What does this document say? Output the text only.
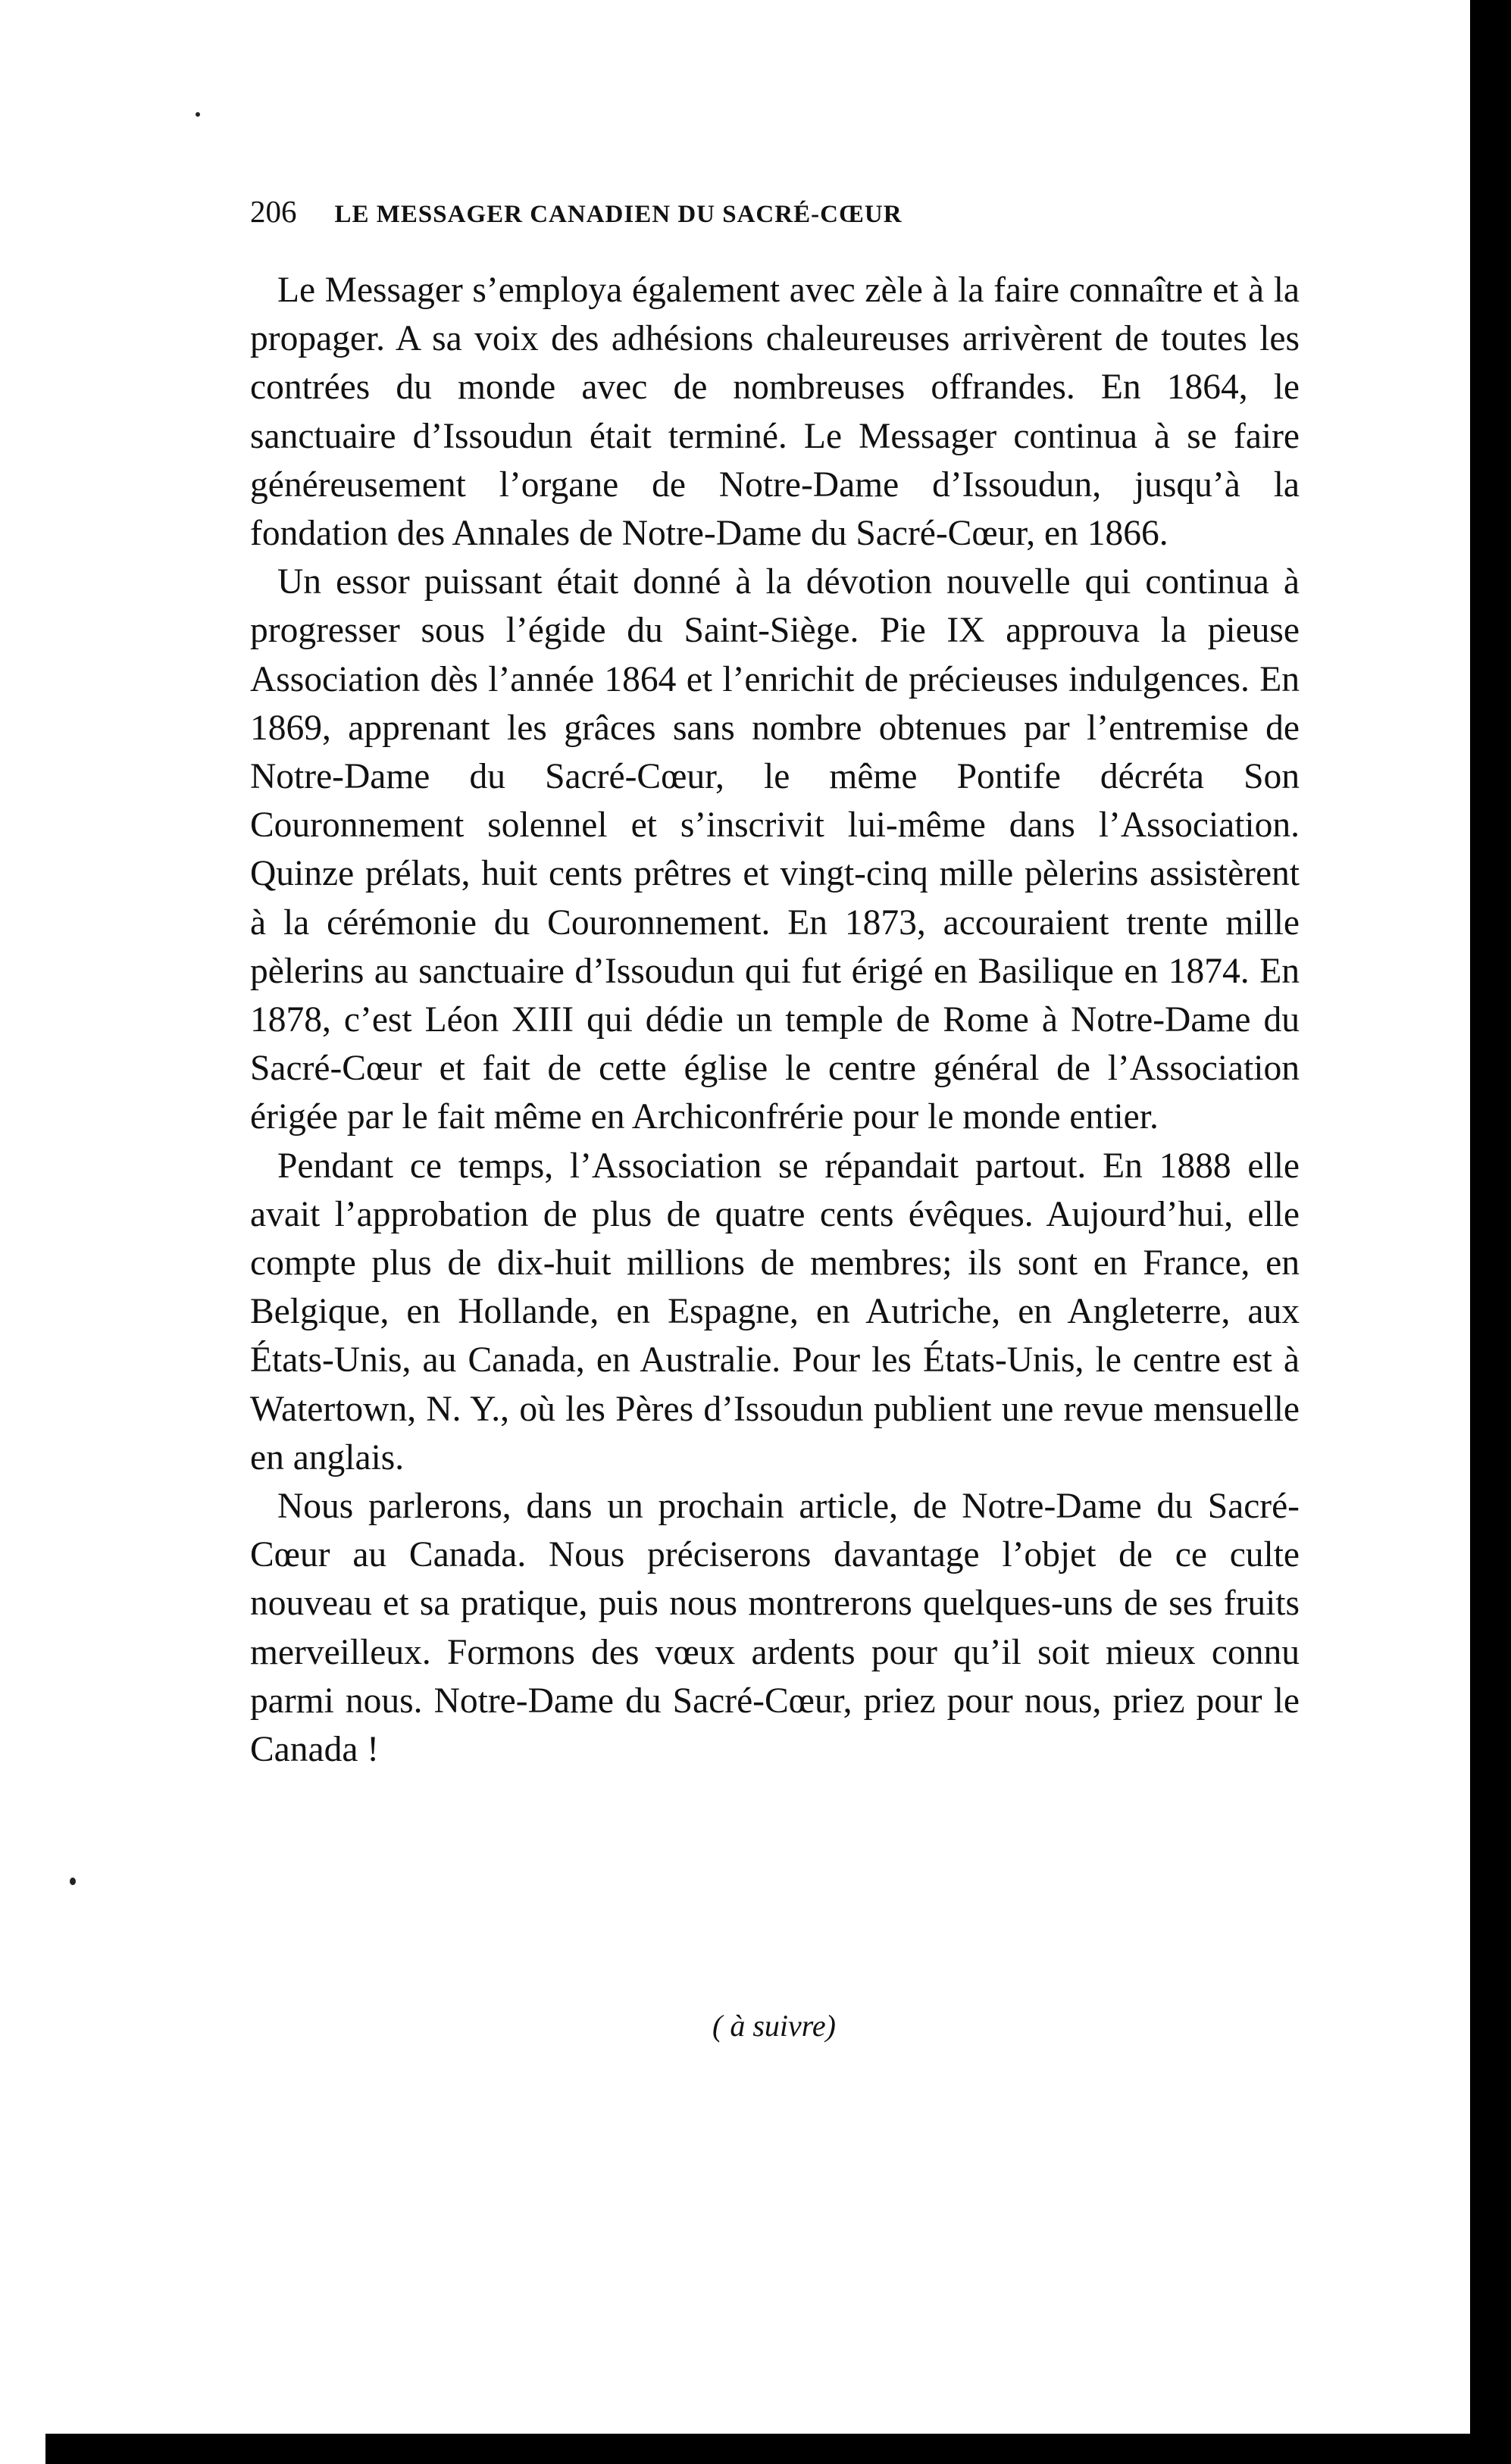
206 LE MESSAGER CANADIEN DU SACRÉ-CŒUR

Le Messager s’employa également avec zèle à la faire connaître et à la propager. A sa voix des adhésions chaleureuses arrivèrent de toutes les contrées du monde avec de nombreuses offrandes. En 1864, le sanctuaire d’Issoudun était terminé. Le Messager continua à se faire généreusement l’organe de Notre-Dame d’Issoudun, jusqu’à la fondation des Annales de Notre-Dame du Sacré-Cœur, en 1866.

Un essor puissant était donné à la dévotion nouvelle qui continua à progresser sous l’égide du Saint-Siège. Pie IX approuva la pieuse Association dès l’année 1864 et l’enrichit de précieuses indulgences. En 1869, apprenant les grâces sans nombre obtenues par l’entremise de Notre-Dame du Sacré-Cœur, le même Pontife décréta Son Couronnement solennel et s’inscrivit lui-même dans l’Association. Quinze prélats, huit cents prêtres et vingt-cinq mille pèlerins assistèrent à la cérémonie du Couronnement. En 1873, accouraient trente mille pèlerins au sanctuaire d’Issoudun qui fut érigé en Basilique en 1874. En 1878, c’est Léon XIII qui dédie un temple de Rome à Notre-Dame du Sacré-Cœur et fait de cette église le centre général de l’Association érigée par le fait même en Archiconfrérie pour le monde entier.

Pendant ce temps, l’Association se répandait partout. En 1888 elle avait l’approbation de plus de quatre cents évêques. Aujourd’hui, elle compte plus de dix-huit millions de membres; ils sont en France, en Belgique, en Hollande, en Espagne, en Autriche, en Angleterre, aux États-Unis, au Canada, en Australie. Pour les États-Unis, le centre est à Watertown, N. Y., où les Pères d’Issoudun publient une revue mensuelle en anglais.

Nous parlerons, dans un prochain article, de Notre-Dame du Sacré-Cœur au Canada. Nous préciserons davantage l’objet de ce culte nouveau et sa pratique, puis nous montrerons quelques-uns de ses fruits merveilleux. Formons des vœux ardents pour qu’il soit mieux connu parmi nous. Notre-Dame du Sacré-Cœur, priez pour nous, priez pour le Canada !

( à suivre)
